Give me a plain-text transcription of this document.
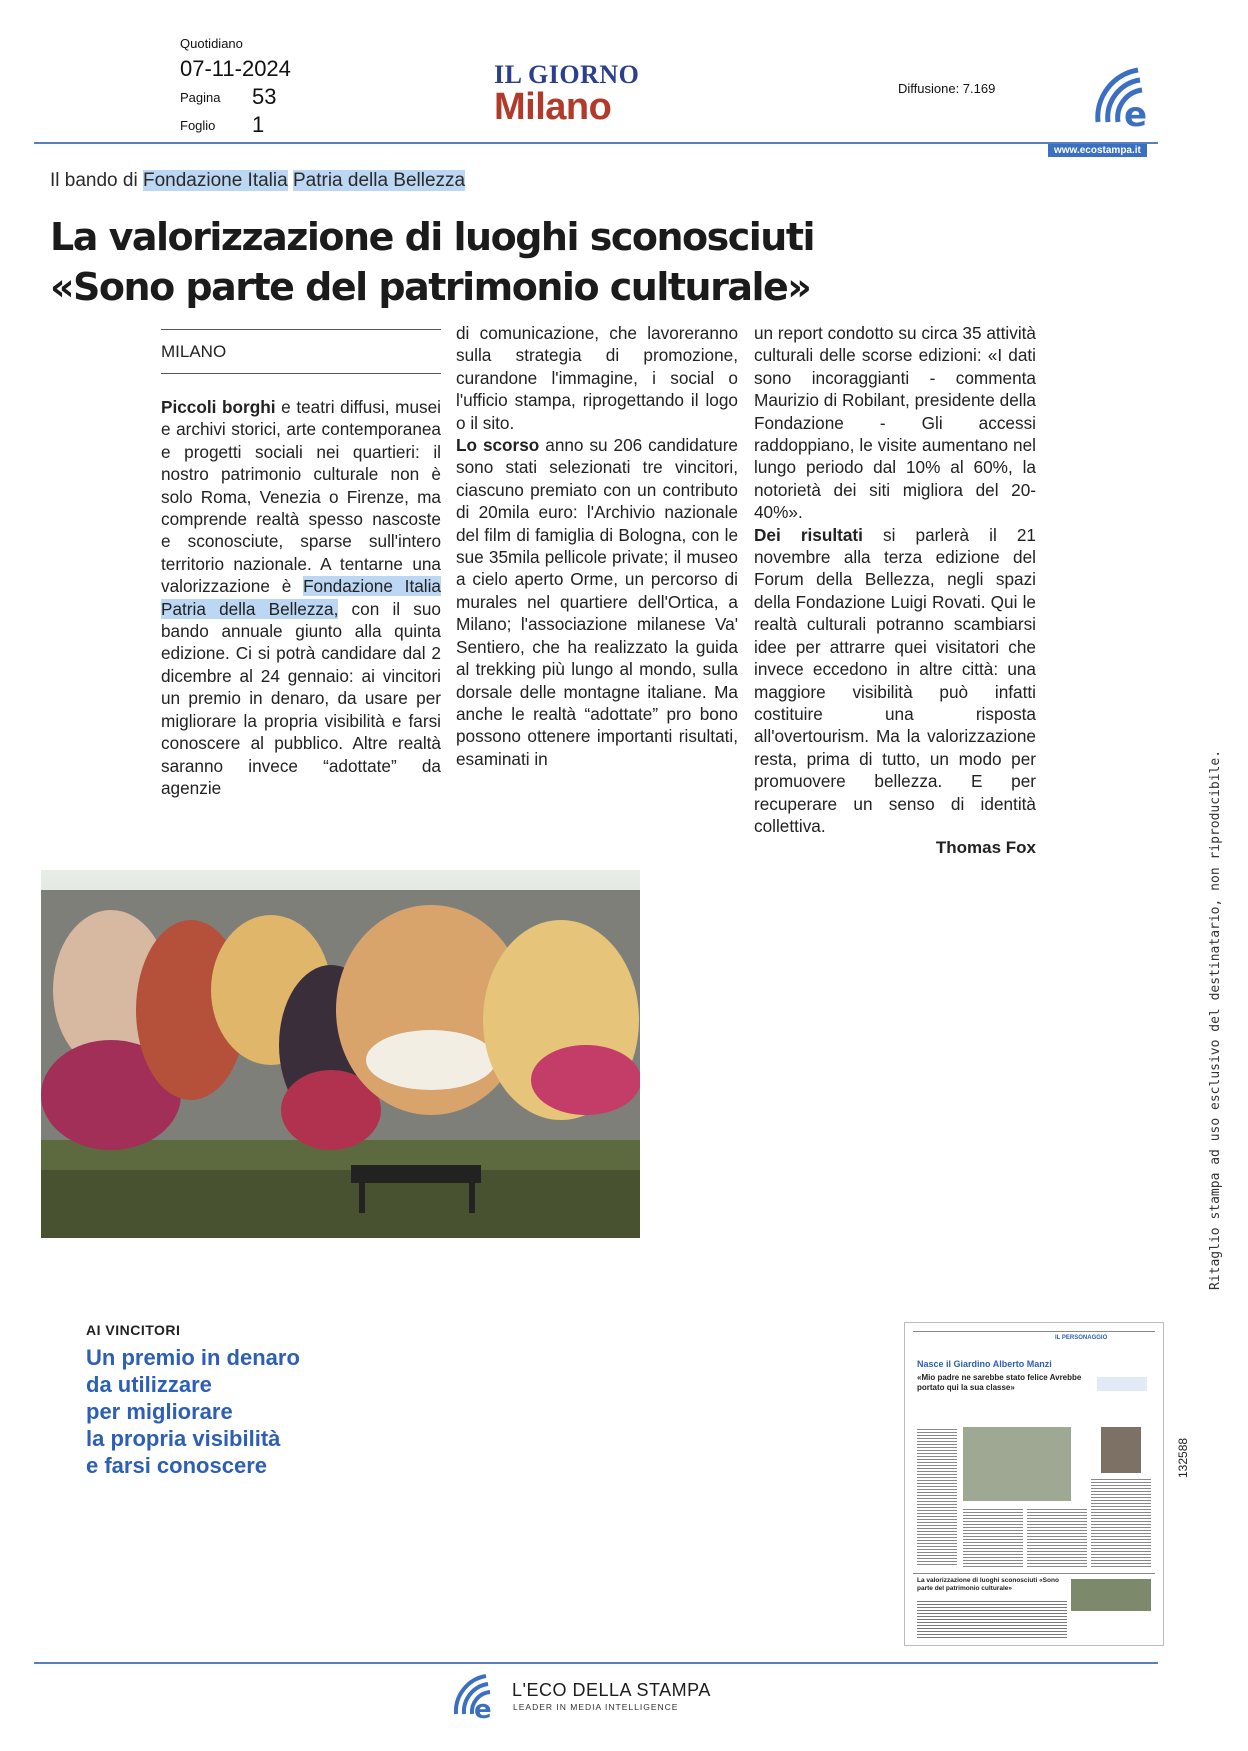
Quotidiano
07-11-2024
Pagina 53
Foglio 1
IL GIORNO
Milano	Diffusione: 7.169
e
www.ecostampa.it
Il bando di Fondazione Italia Patria della Bellezza
La valorizzazione di luoghi sconosciuti
«Sono parte del patrimonio culturale»
MILANO

Piccoli borghi e teatri diffusi, musei e archivi storici, arte contemporanea e progetti sociali nei quartieri: il nostro patrimonio culturale non è solo Roma, Venezia o Firenze, ma comprende realtà spesso nascoste e sconosciute, sparse sull'intero territorio nazionale. A tentarne una valorizzazione è Fondazione Italia Patria della Bellezza, con il suo bando annuale giunto alla quinta edizione. Ci si potrà candidare dal 2 dicembre al 24 gennaio: ai vincitori un premio in denaro, da usare per migliorare la propria visibilità e farsi conoscere al pubblico. Altre realtà saranno invece “adottate” da agenzie

di comunicazione, che lavoreranno sulla strategia di promozione, curandone l'immagine, i social o l'ufficio stampa, riprogettando il logo o il sito.

Lo scorso anno su 206 candidature sono stati selezionati tre vincitori, ciascuno premiato con un contributo di 20mila euro: l'Archivio nazionale del film di famiglia di Bologna, con le sue 35mila pellicole private; il museo a cielo aperto Orme, un percorso di murales nel quartiere dell'Ortica, a Milano; l'associazione milanese Va' Sentiero, che ha realizzato la guida al trekking più lungo al mondo, sulla dorsale delle montagne italiane. Ma anche le realtà “adottate” pro bono possono ottenere importanti risultati, esaminati in

un report condotto su circa 35 attività culturali delle scorse edizioni: «I dati sono incoraggianti - commenta Maurizio di Robilant, presidente della Fondazione - Gli accessi raddoppiano, le visite aumentano nel lungo periodo dal 10% al 60%, la notorietà dei siti migliora del 20-40%».

Dei risultati si parlerà il 21 novembre alla terza edizione del Forum della Bellezza, negli spazi della Fondazione Luigi Rovati. Qui le realtà culturali potranno scambiarsi idee per attrarre quei visitatori che invece eccedono in altre città: una maggiore visibilità può infatti costituire una risposta all'overtourism. Ma la valorizzazione resta, prima di tutto, un modo per promuovere bellezza. E per recuperare un senso di identità collettiva.

Thomas Fox	Ritaglio stampa ad uso esclusivo del destinatario, non riproducibile.
AI VINCITORI
Un premio in denaro
da utilizzare
per migliorare
la propria visibilità
e farsi conoscere
IL PERSONAGGIO
Nasce il Giardino Alberto Manzi
«Mio padre ne sarebbe stato felice Avrebbe portato qui la sua classe»
La valorizzazione di luoghi sconosciuti «Sono parte del patrimonio culturale»
132588
e
L'ECO DELLA STAMPA
LEADER IN MEDIA INTELLIGENCE
